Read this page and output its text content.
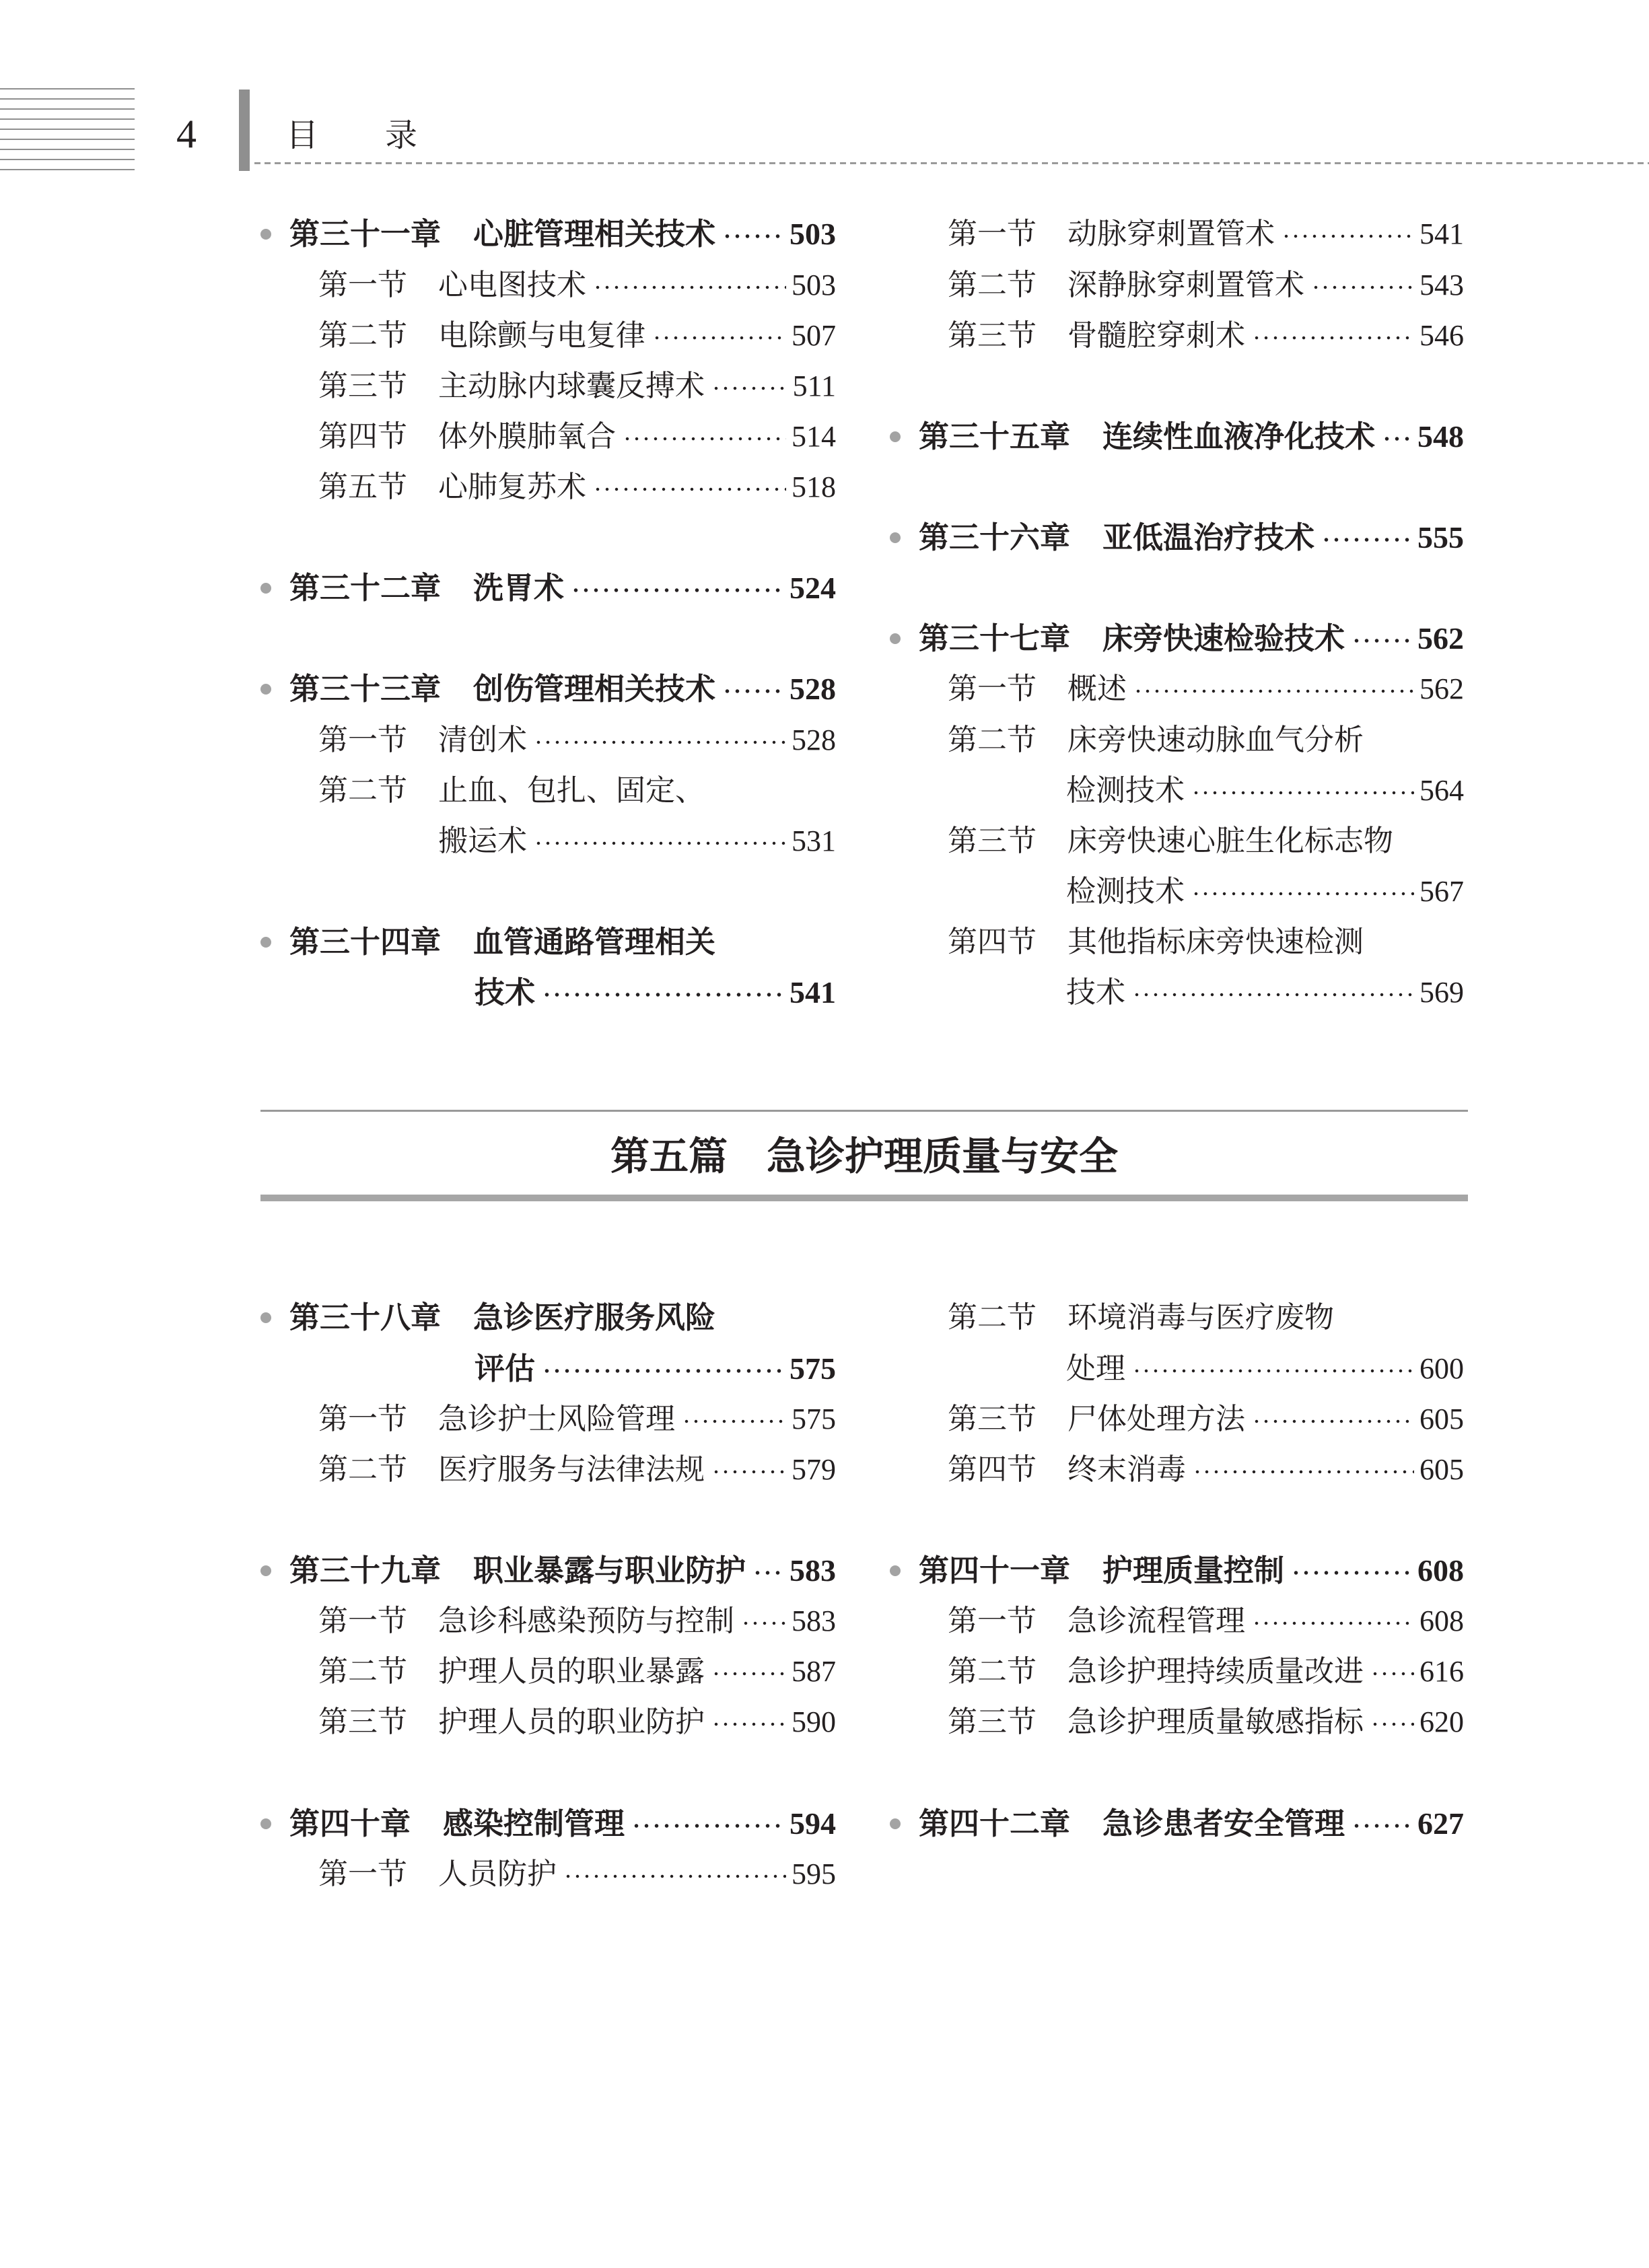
4	目录
第三十一章 心脏管理相关技术 503
第一节 心电图技术	503
第二节 电除颤与电复律	507
第三节 主动脉内球囊反搏术	511
第四节 体外膜肺氧合	514
第五节 心肺复苏术	518
第三十二章 洗胃术	524
第三十三章 创伤管理相关技术 528
第一节 清创术	528
第二节 止血、包扎、固定、
搬运术	531
第三十四章 血管通路管理相关
技术	541
第一节 动脉穿刺置管术	541
第二节 深静脉穿刺置管术	543
第三节 骨髓腔穿刺术	546
第三十五章 连续性血液净化技术 548
第三十六章 亚低温治疗技术	555
第三十七章 床旁快速检验技术 562
第一节 概述	562
第二节 床旁快速动脉血气分析
检测技术	564
第三节 床旁快速心脏生化标志物
检测技术	567
第四节 其他指标床旁快速检测
技术	569
第五篇 急诊护理质量与安全
第三十八章 急诊医疗服务风险
评估	575
第一节 急诊护士风险管理	575
第二节 医疗服务与法律法规	579
第三十九章 职业暴露与职业防护 583
第一节 急诊科感染预防与控制 583
第二节 护理人员的职业暴露	587
第三节 护理人员的职业防护	590
第四十章 感染控制管理	594
第一节 人员防护	595
第二节 环境消毒与医疗废物
处理	600
第三节 尸体处理方法	605
第四节 终末消毒	605
第四十一章 护理质量控制	608
第一节 急诊流程管理	608
第二节 急诊护理持续质量改进 616
第三节 急诊护理质量敏感指标 620
第四十二章 急诊患者安全管理 627
